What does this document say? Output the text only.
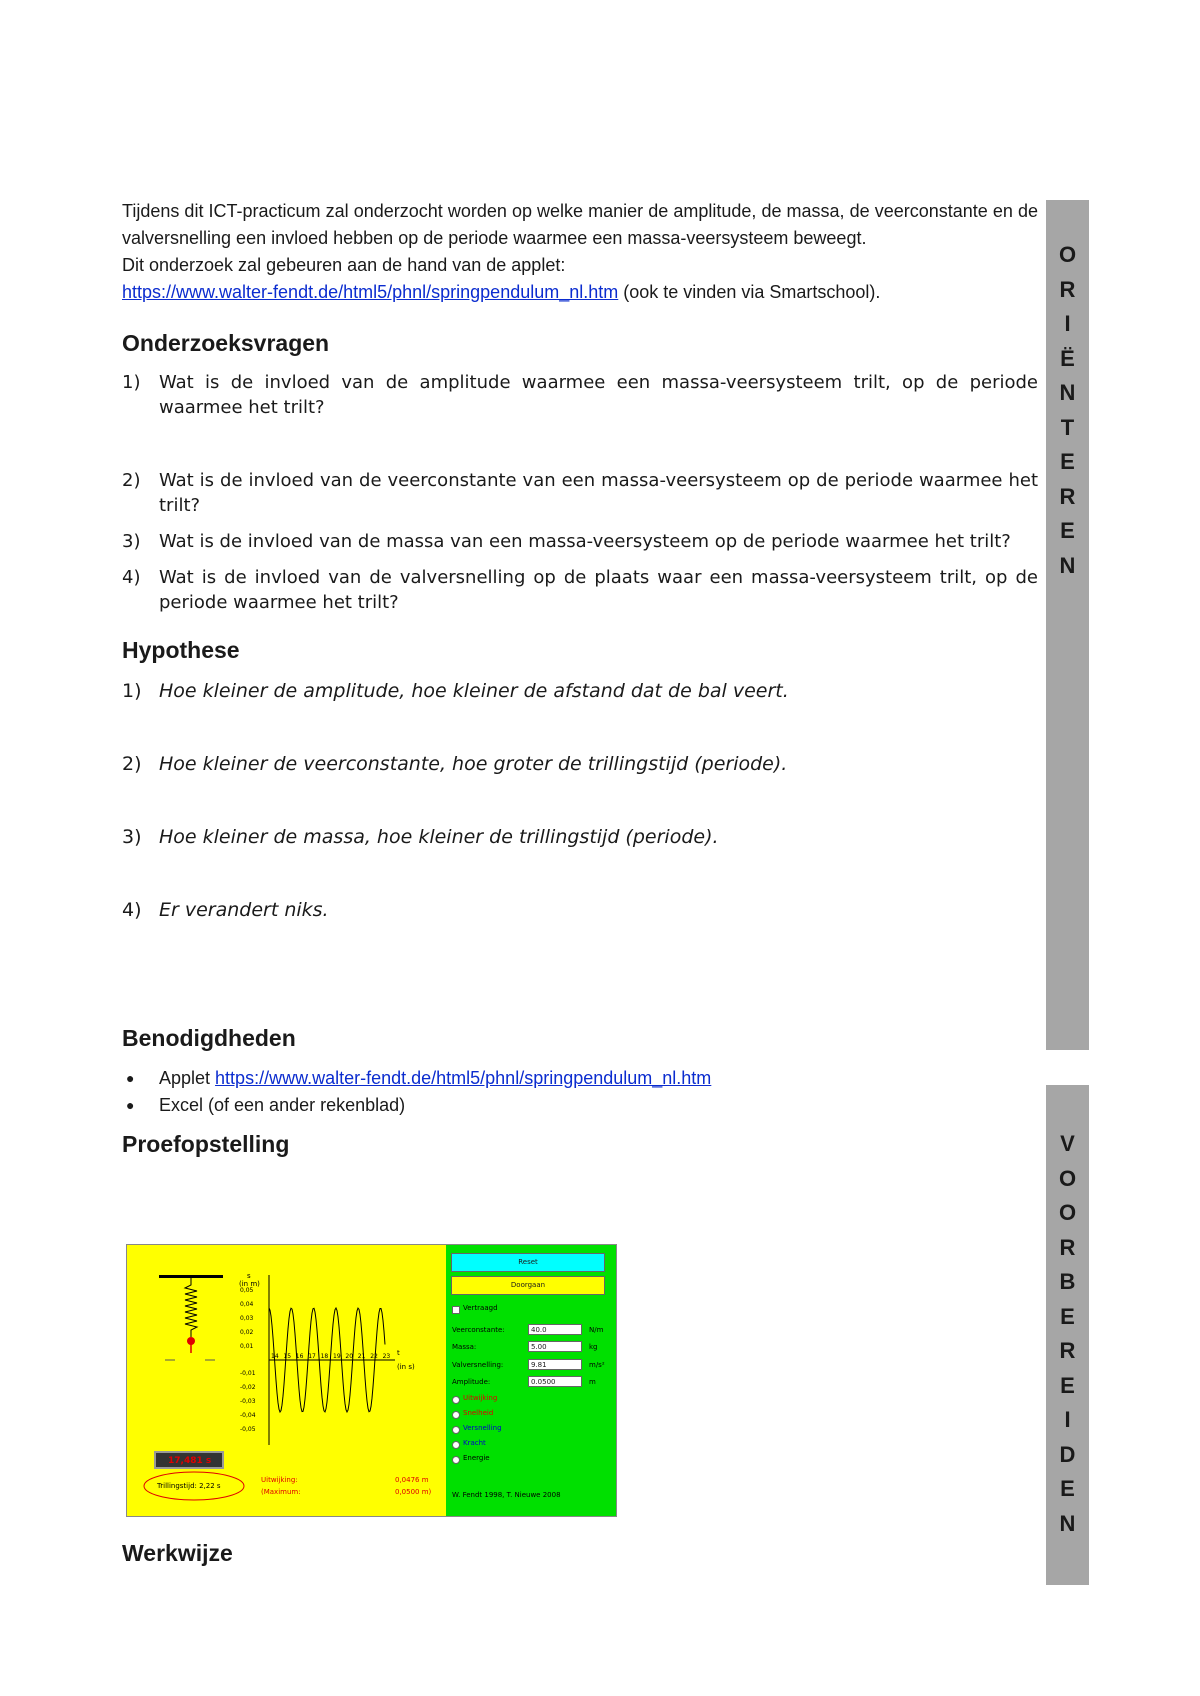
Tijdens dit ICT-practicum zal onderzocht worden op welke manier de amplitude, de massa, de veerconstante en de valversnelling een invloed hebben op de periode waarmee een massa-veersysteem beweegt.
Dit onderzoek zal gebeuren aan de hand van de applet:
https://www.walter-fendt.de/html5/phnl/springpendulum_nl.htm (ook te vinden via Smartschool).

Onderzoeksvragen
1) Wat is de invloed van de amplitude waarmee een massa-veersysteem trilt, op de periode waarmee het trilt?
2) Wat is de invloed van de veerconstante van een massa-veersysteem op de periode waarmee het trilt?
3) Wat is de invloed van de massa van een massa-veersysteem op de periode waarmee het trilt?
4) Wat is de invloed van de valversnelling op de plaats waar een massa-veersysteem trilt, op de periode waarmee het trilt?
Hypothese
1) Hoe kleiner de amplitude, hoe kleiner de afstand dat de bal veert.
2) Hoe kleiner de veerconstante, hoe groter de trillingstijd (periode).
3) Hoe kleiner de massa, hoe kleiner de trillingstijd (periode).
4) Er verandert niks.
Benodigdheden
● Applet https://www.walter-fendt.de/html5/phnl/springpendulum_nl.htm
● Excel (of een ander rekenblad)
Proefopstelling
Werkwijze
O
R
I
Ë
N
T
E
R
E
N
V
O
O
R
B
E
R
E
I
D
E
N
0,05
0,04
0,03
0,02
0,01
-0,01
-0,02
-0,03
-0,04
-0,05
14 15 16 17 18 19 20 21 22 23
s
(in m)
t
(in s)
17,481 s
Trillingstijd: 2,22 s
Uitwijking:	0,0476 m
(Maximum:	0,0500 m)
Reset
Doorgaan
Vertraagd
Veerconstante:	40.0	N/m
Massa:	5.00	kg
Valversnelling:	9.81	m/s²
Amplitude:	0.0500	m
Uitwijking
Snelheid
Versnelling
Kracht
Energie
W. Fendt 1998, T. Nieuwe 2008
